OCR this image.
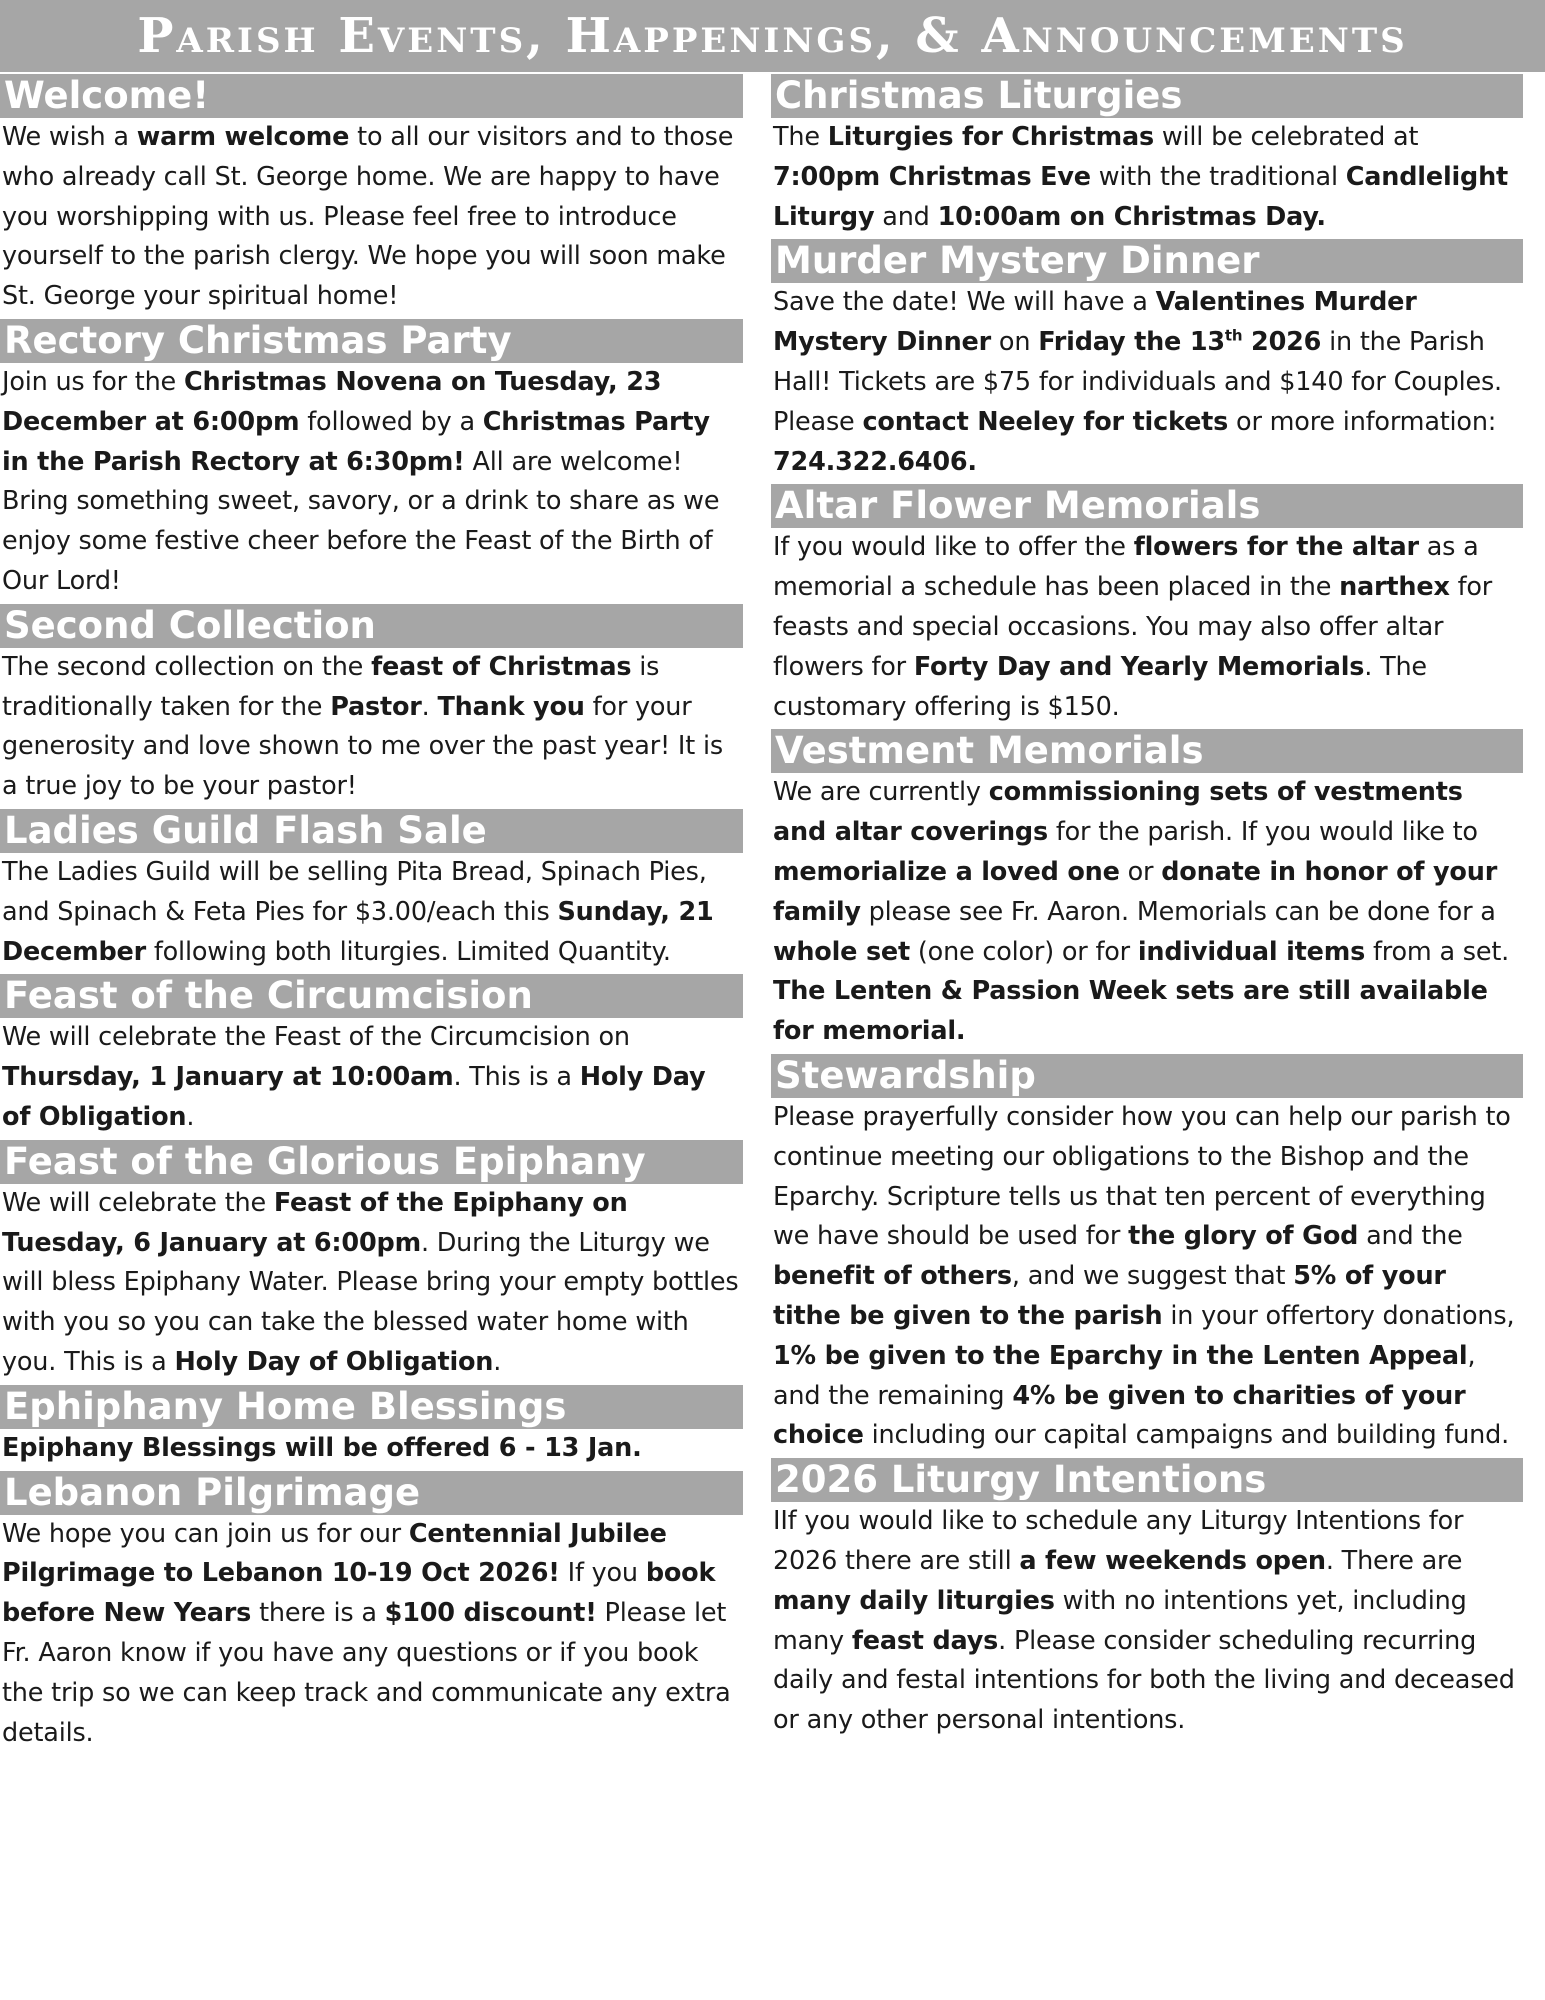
Parish Events, Happenings, & Announcements
Welcome!
We wish a warm welcome to all our visitors and to those who already call St. George home. We are happy to have you worshipping with us. Please feel free to introduce yourself to the parish clergy. We hope you will soon make St. George your spiritual home!
Rectory Christmas Party
Join us for the Christmas Novena on Tuesday, 23 December at 6:00pm followed by a Christmas Party in the Parish Rectory at 6:30pm! All are welcome! Bring something sweet, savory, or a drink to share as we enjoy some festive cheer before the Feast of the Birth of Our Lord!
Second Collection
The second collection on the feast of Christmas is traditionally taken for the Pastor. Thank you for your generosity and love shown to me over the past year! It is a true joy to be your pastor!
Ladies Guild Flash Sale
The Ladies Guild will be selling Pita Bread, Spinach Pies, and Spinach & Feta Pies for $3.00/each this Sunday, 21 December following both liturgies. Limited Quantity.
Feast of the Circumcision
We will celebrate the Feast of the Circumcision on Thursday, 1 January at 10:00am. This is a Holy Day of Obligation.
Feast of the Glorious Epiphany
We will celebrate the Feast of the Epiphany on Tuesday, 6 January at 6:00pm. During the Liturgy we will bless Epiphany Water. Please bring your empty bottles with you so you can take the blessed water home with you. This is a Holy Day of Obligation.
Ephiphany Home Blessings
Epiphany Blessings will be offered 6 - 13 Jan.
Lebanon Pilgrimage
We hope you can join us for our Centennial Jubilee Pilgrimage to Lebanon 10-19 Oct 2026! If you book before New Years there is a $100 discount! Please let Fr. Aaron know if you have any questions or if you book the trip so we can keep track and communicate any extra details.
Christmas Liturgies
The Liturgies for Christmas will be celebrated at 7:00pm Christmas Eve with the traditional Candlelight Liturgy and 10:00am on Christmas Day.
Murder Mystery Dinner
Save the date! We will have a Valentines Murder Mystery Dinner on Friday the 13th 2026 in the Parish Hall! Tickets are $75 for individuals and $140 for Couples. Please contact Neeley for tickets or more information: 724.322.6406.
Altar Flower Memorials
If you would like to offer the flowers for the altar as a memorial a schedule has been placed in the narthex for feasts and special occasions. You may also offer altar flowers for Forty Day and Yearly Memorials. The customary offering is $150.
Vestment Memorials
We are currently commissioning sets of vestments and altar coverings for the parish. If you would like to memorialize a loved one or donate in honor of your family please see Fr. Aaron. Memorials can be done for a whole set (one color) or for individual items from a set. The Lenten & Passion Week sets are still available for memorial.
Stewardship
Please prayerfully consider how you can help our parish to continue meeting our obligations to the Bishop and the Eparchy. Scripture tells us that ten percent of everything we have should be used for the glory of God and the benefit of others, and we suggest that 5% of your tithe be given to the parish in your offertory donations, 1% be given to the Eparchy in the Lenten Appeal, and the remaining 4% be given to charities of your choice including our capital campaigns and building fund.
2026 Liturgy Intentions
IIf you would like to schedule any Liturgy Intentions for 2026 there are still a few weekends open. There are many daily liturgies with no intentions yet, including many feast days. Please consider scheduling recurring daily and festal intentions for both the living and deceased or any other personal intentions.
